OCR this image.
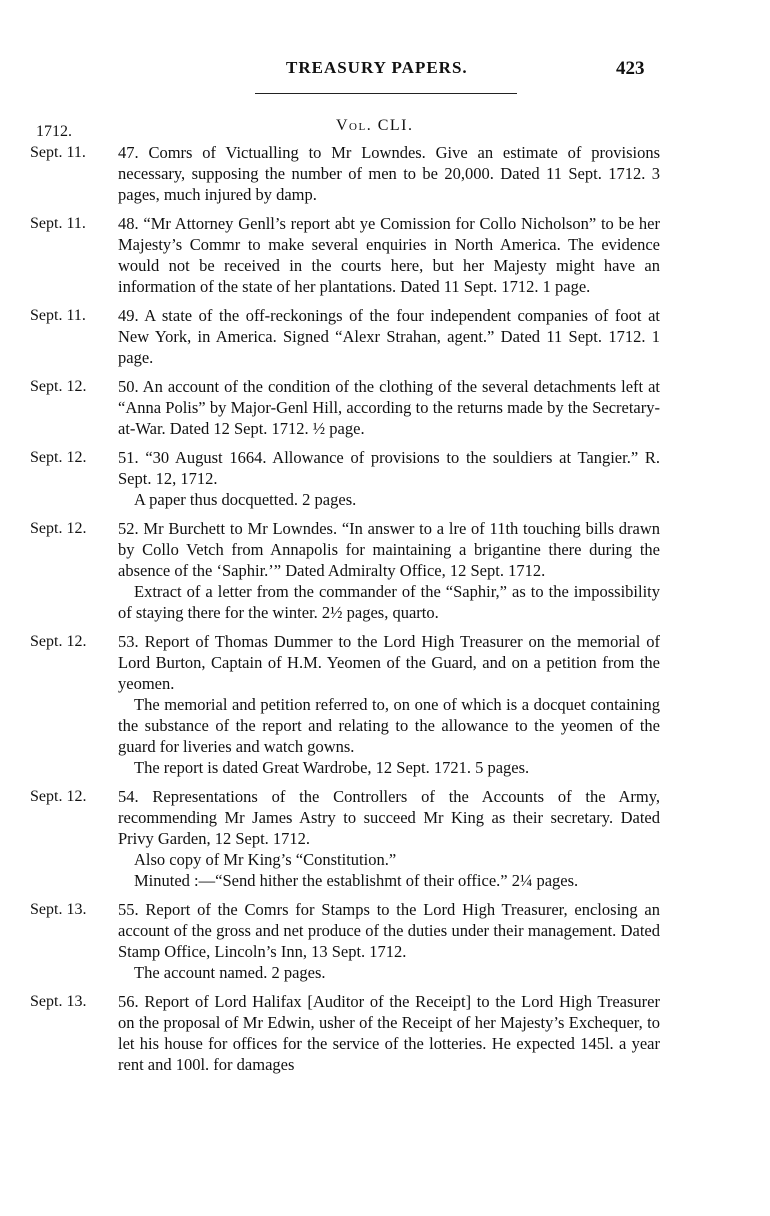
TREASURY PAPERS.	423
Vol. CLI.
1712.
Sept. 11.	47. Comrs of Victualling to Mr Lowndes. Give an estimate of provisions necessary, supposing the number of men to be 20,000. Dated 11 Sept. 1712. 3 pages, much injured by damp.

Sept. 11.	48. “Mr Attorney Genll’s report abt ye Comission for Collo Nicholson” to be her Majesty’s Commr to make several enquiries in North America. The evidence would not be received in the courts here, but her Majesty might have an information of the state of her plantations. Dated 11 Sept. 1712. 1 page.

Sept. 11.	49. A state of the off-reckonings of the four independent companies of foot at New York, in America. Signed “Alexr Strahan, agent.” Dated 11 Sept. 1712. 1 page.

Sept. 12.	50. An account of the condition of the clothing of the several detachments left at “Anna Polis” by Major-Genl Hill, according to the returns made by the Secretary-at-War. Dated 12 Sept. 1712. ½ page.

Sept. 12.	51. “30 August 1664. Allowance of provisions to the souldiers at Tangier.” R. Sept. 12, 1712.

A paper thus docquetted. 2 pages.

Sept. 12.	52. Mr Burchett to Mr Lowndes. “In answer to a lre of 11th touching bills drawn by Collo Vetch from Annapolis for maintaining a brigantine there during the absence of the ‘Saphir.’” Dated Admiralty Office, 12 Sept. 1712.

Extract of a letter from the commander of the “Saphir,” as to the impossibility of staying there for the winter. 2½ pages, quarto.

Sept. 12.	53. Report of Thomas Dummer to the Lord High Treasurer on the memorial of Lord Burton, Captain of H.M. Yeomen of the Guard, and on a petition from the yeomen.

The memorial and petition referred to, on one of which is a docquet containing the substance of the report and relating to the allowance to the yeomen of the guard for liveries and watch gowns.

The report is dated Great Wardrobe, 12 Sept. 1721. 5 pages.

Sept. 12.	54. Representations of the Controllers of the Accounts of the Army, recommending Mr James Astry to succeed Mr King as their secretary. Dated Privy Garden, 12 Sept. 1712.

Also copy of Mr King’s “Constitution.”

Minuted :—“Send hither the establishmt of their office.” 2¼ pages.

Sept. 13.	55. Report of the Comrs for Stamps to the Lord High Treasurer, enclosing an account of the gross and net produce of the duties under their management. Dated Stamp Office, Lincoln’s Inn, 13 Sept. 1712.

The account named. 2 pages.

Sept. 13.	56. Report of Lord Halifax [Auditor of the Receipt] to the Lord High Treasurer on the proposal of Mr Edwin, usher of the Receipt of her Majesty’s Exchequer, to let his house for offices for the service of the lotteries. He expected 145l. a year rent and 100l. for damages
